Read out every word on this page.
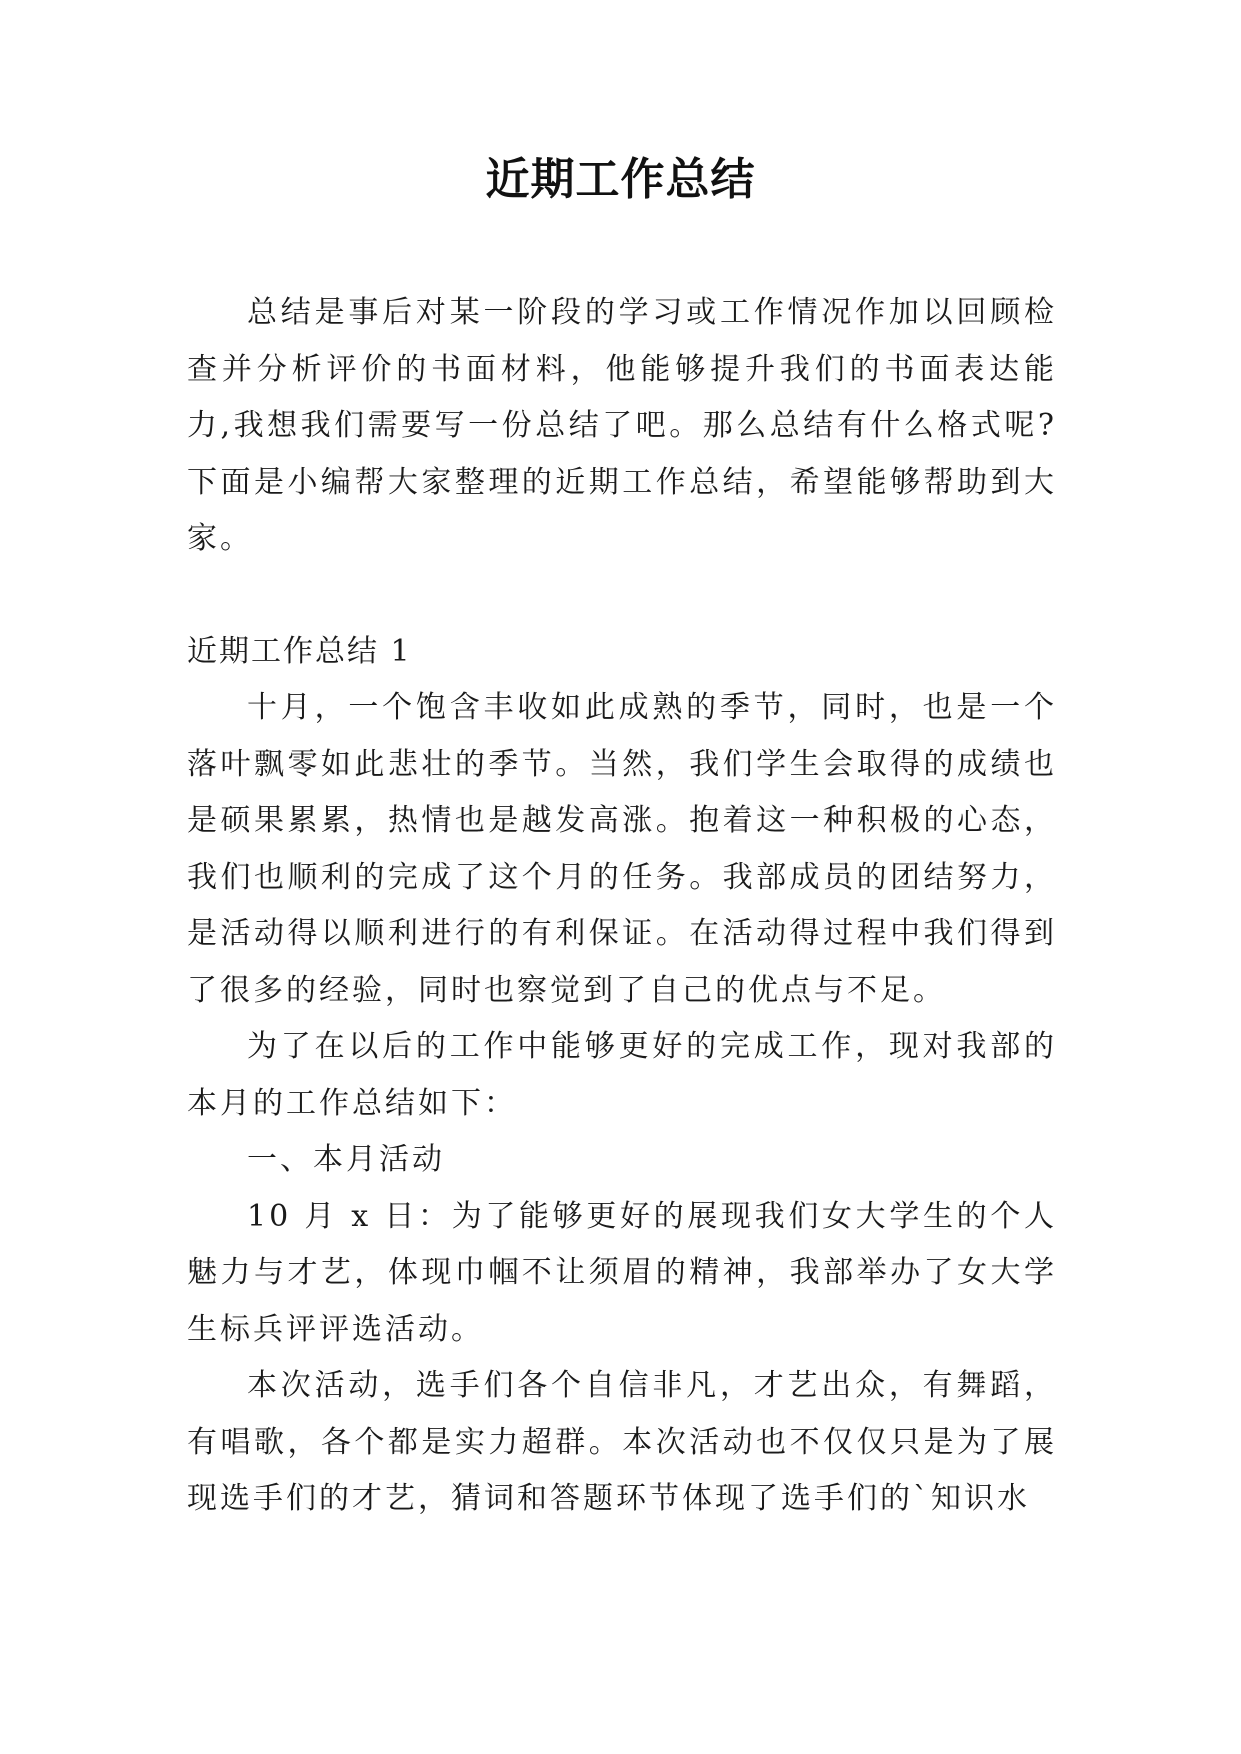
近期工作总结

总结是事后对某一阶段的学习或工作情况作加以回顾检查并分析评价的书面材料，他能够提升我们的书面表达能力,我想我们需要写一份总结了吧。那么总结有什么格式呢?下面是小编帮大家整理的近期工作总结，希望能够帮助到大家。

近期工作总结 1

十月，一个饱含丰收如此成熟的季节，同时，也是一个落叶飘零如此悲壮的季节。当然，我们学生会取得的成绩也是硕果累累，热情也是越发高涨。抱着这一种积极的心态，我们也顺利的完成了这个月的任务。我部成员的团结努力，是活动得以顺利进行的有利保证。在活动得过程中我们得到了很多的经验，同时也察觉到了自己的优点与不足。

为了在以后的工作中能够更好的完成工作，现对我部的本月的工作总结如下：

一、本月活动

10 月 x 日：为了能够更好的展现我们女大学生的个人魅力与才艺，体现巾帼不让须眉的精神，我部举办了女大学生标兵评评选活动。

本次活动，选手们各个自信非凡，才艺出众，有舞蹈，有唱歌，各个都是实力超群。本次活动也不仅仅只是为了展现选手们的才艺，猜词和答题环节体现了选手们的`知识水
